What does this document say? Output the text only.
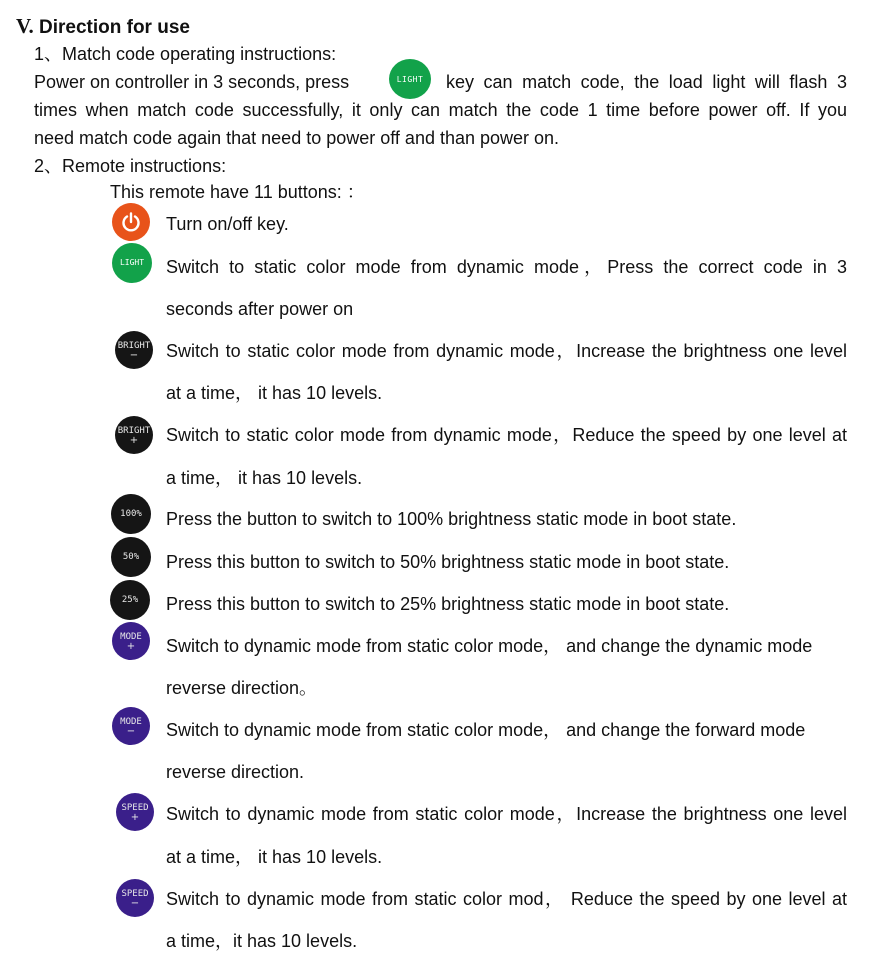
V. Direction for use
1、Match code operating instructions:
Power on controller in 3 seconds, press	LIGHT key can match code, the load light will flash 3
times when match code successfully, it only can match the code 1 time before power off. If you
need match code again that need to power off and than power on.
2、Remote instructions:
This remote have 11 buttons: ：
Turn on/off key.
LIGHT Switch to static color mode from dynamic mode，Press the correct code in 3
seconds after power on
BRIGHT
− Switch to static color mode from dynamic mode，Increase the brightness one level
at a time， it has 10 levels.
BRIGHT
+ Switch to static color mode from dynamic mode，Reduce the speed by one level at
a time， it has 10 levels.
100% Press the button to switch to 100% brightness static mode in boot state.
50% Press this button to switch to 50% brightness static mode in boot state.
25% Press this button to switch to 25% brightness static mode in boot state.
MODE
+ Switch to dynamic mode from static color mode， and change the dynamic mode
reverse direction。
MODE
− Switch to dynamic mode from static color mode， and change the forward mode
reverse direction.
SPEED
+ Switch to dynamic mode from static color mode，Increase the brightness one level
at a time， it has 10 levels.
SPEED
− Switch to dynamic mode from static color mod， Reduce the speed by one level at
a time，it has 10 levels.
